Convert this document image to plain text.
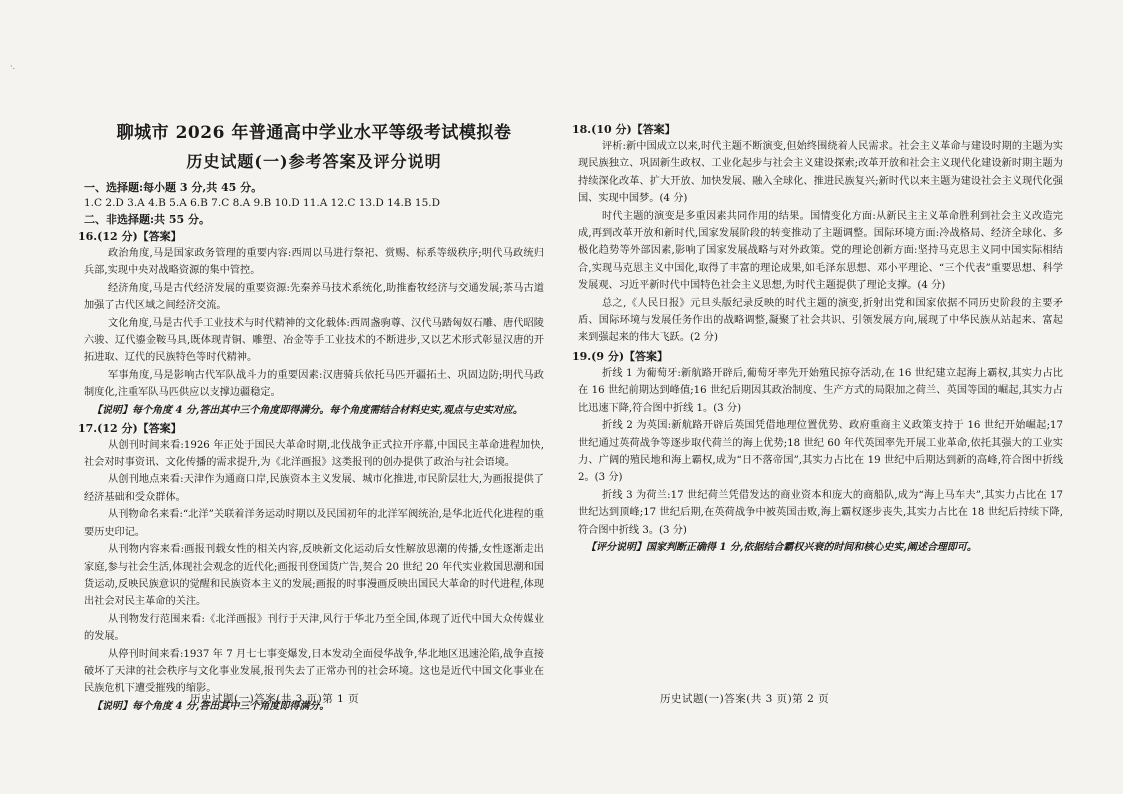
·.
聊城市 2026 年普通高中学业水平等级考试模拟卷
历史试题(一)参考答案及评分说明
一、选择题:每小题 3 分,共 45 分。
1.C 2.D 3.A 4.B 5.A 6.B 7.C 8.A 9.B 10.D 11.A 12.C 13.D 14.B 15.D
二、非选择题:共 55 分。
16.(12 分)【答案】

政治角度,马是国家政务管理的重要内容:西周以马进行祭祀、赏赐、标系等级秩序;明代马政统归兵部,实现中央对战略资源的集中管控。

经济角度,马是古代经济发展的重要资源:先秦养马技术系统化,助推畜牧经济与交通发展;茶马古道加强了古代区域之间经济交流。

文化角度,马是古代手工业技术与时代精神的文化载体:西周盏驹尊、汉代马踏匈奴石雕、唐代昭陵六骏、辽代鎏金鞍马具,既体现青铜、雕塑、冶金等手工业技术的不断进步,又以艺术形式彰显汉唐的开拓进取、辽代的民族特色等时代精神。

军事角度,马是影响古代军队战斗力的重要因素:汉唐骑兵依托马匹开疆拓土、巩固边防;明代马政制度化,注重军队马匹供应以支撑边疆稳定。

【说明】每个角度 4 分,答出其中三个角度即得满分。每个角度需结合材料史实,观点与史实对应。

17.(12 分)【答案】

从创刊时间来看:1926 年正处于国民大革命时期,北伐战争正式拉开序幕,中国民主革命进程加快,社会对时事资讯、文化传播的需求提升,为《北洋画报》这类报刊的创办提供了政治与社会语境。

从创刊地点来看:天津作为通商口岸,民族资本主义发展、城市化推进,市民阶层壮大,为画报提供了经济基础和受众群体。

从刊物命名来看:“北洋”关联着洋务运动时期以及民国初年的北洋军阀统治,是华北近代化进程的重要历史印记。

从刊物内容来看:画报刊载女性的相关内容,反映新文化运动后女性解放思潮的传播,女性逐渐走出家庭,参与社会生活,体现社会观念的近代化;画报刊登国货广告,契合 20 世纪 20 年代实业救国思潮和国货运动,反映民族意识的觉醒和民族资本主义的发展;画报的时事漫画反映出国民大革命的时代进程,体现出社会对民主革命的关注。

从刊物发行范围来看:《北洋画报》刊行于天津,风行于华北乃至全国,体现了近代中国大众传媒业的发展。

从停刊时间来看:1937 年 7 月七七事变爆发,日本发动全面侵华战争,华北地区迅速沦陷,战争直接破坏了天津的社会秩序与文化事业发展,报刊失去了正常办刊的社会环境。这也是近代中国文化事业在民族危机下遭受摧残的缩影。

【说明】每个角度 4 分,答出其中三个角度即得满分。

历史试题(一)答案(共 3 页)第 1 页
18.(10 分)【答案】

评析:新中国成立以来,时代主题不断演变,但始终围绕着人民需求。社会主义革命与建设时期的主题为实现民族独立、巩固新生政权、工业化起步与社会主义建设探索;改革开放和社会主义现代化建设新时期主题为持续深化改革、扩大开放、加快发展、融入全球化、推进民族复兴;新时代以来主题为建设社会主义现代化强国、实现中国梦。(4 分)

时代主题的演变是多重因素共同作用的结果。国情变化方面:从新民主主义革命胜利到社会主义改造完成,再到改革开放和新时代,国家发展阶段的转变推动了主题调整。国际环境方面:冷战格局、经济全球化、多极化趋势等外部因素,影响了国家发展战略与对外政策。党的理论创新方面:坚持马克思主义同中国实际相结合,实现马克思主义中国化,取得了丰富的理论成果,如毛泽东思想、邓小平理论、“三个代表”重要思想、科学发展观、习近平新时代中国特色社会主义思想,为时代主题提供了理论支撑。(4 分)

总之,《人民日报》元旦头版纪录反映的时代主题的演变,折射出党和国家依据不同历史阶段的主要矛盾、国际环境与发展任务作出的战略调整,凝聚了社会共识、引领发展方向,展现了中华民族从站起来、富起来到强起来的伟大飞跃。(2 分)

19.(9 分)【答案】

折线 1 为葡萄牙:新航路开辟后,葡萄牙率先开始殖民掠夺活动,在 16 世纪建立起海上霸权,其实力占比在 16 世纪前期达到峰值;16 世纪后期因其政治制度、生产方式的局限加之荷兰、英国等国的崛起,其实力占比迅速下降,符合图中折线 1。(3 分)

折线 2 为英国:新航路开辟后英国凭借地理位置优势、政府重商主义政策支持于 16 世纪开始崛起;17 世纪通过英荷战争等逐步取代荷兰的海上优势;18 世纪 60 年代英国率先开展工业革命,依托其强大的工业实力、广阔的殖民地和海上霸权,成为“日不落帝国”,其实力占比在 19 世纪中后期达到新的高峰,符合图中折线 2。(3 分)

折线 3 为荷兰:17 世纪荷兰凭借发达的商业资本和庞大的商船队,成为“海上马车夫”,其实力占比在 17 世纪达到顶峰;17 世纪后期,在英荷战争中被英国击败,海上霸权逐步丧失,其实力占比在 18 世纪后持续下降,符合图中折线 3。(3 分)

【评分说明】国家判断正确得 1 分,依据结合霸权兴衰的时间和核心史实,阐述合理即可。

历史试题(一)答案(共 3 页)第 2 页
